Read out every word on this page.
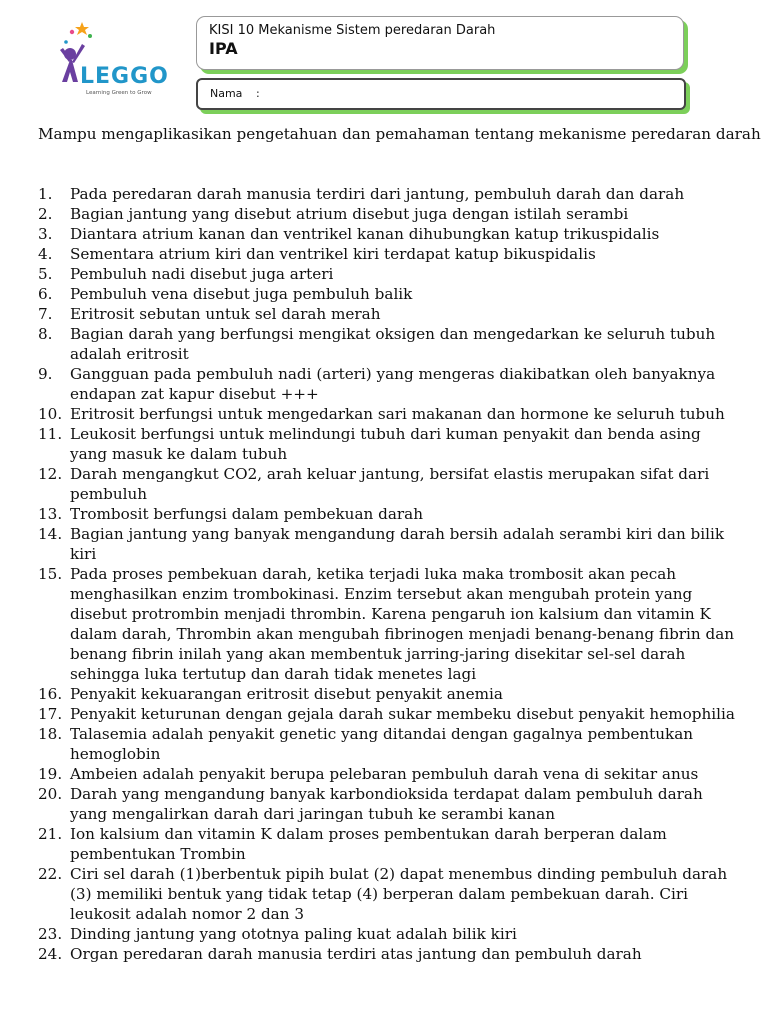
LEGGO
Learning Green to Grow
KISI 10 Mekanisme Sistem peredaran Darah
IPA
Nama :
Mampu mengaplikasikan pengetahuan dan pemahaman tentang mekanisme peredaran darah
1. Pada peredaran darah manusia terdiri dari jantung, pembuluh darah dan darah
2. Bagian jantung yang disebut atrium disebut juga dengan istilah serambi
3. Diantara atrium kanan dan ventrikel kanan dihubungkan katup trikuspidalis
4. Sementara atrium kiri dan ventrikel kiri terdapat katup bikuspidalis
5. Pembuluh nadi disebut juga arteri
6. Pembuluh vena disebut juga pembuluh balik
7. Eritrosit sebutan untuk sel darah merah
8. Bagian darah yang berfungsi mengikat oksigen dan mengedarkan ke seluruh tubuh adalah eritrosit
9. Gangguan pada pembuluh nadi (arteri) yang mengeras diakibatkan oleh banyaknya endapan zat kapur disebut +++
10. Eritrosit berfungsi untuk mengedarkan sari makanan dan hormone ke seluruh tubuh
11. Leukosit berfungsi untuk melindungi tubuh dari kuman penyakit dan benda asing yang masuk ke dalam tubuh
12. Darah mengangkut CO2, arah keluar jantung, bersifat elastis merupakan sifat dari pembuluh
13. Trombosit berfungsi dalam pembekuan darah
14. Bagian jantung yang banyak mengandung darah bersih adalah serambi kiri dan bilik kiri
15. Pada proses pembekuan darah, ketika terjadi luka maka trombosit akan pecah menghasilkan enzim trombokinasi. Enzim tersebut akan mengubah protein yang disebut protrombin menjadi thrombin. Karena pengaruh ion kalsium dan vitamin K dalam darah, Thrombin akan mengubah fibrinogen menjadi benang-benang fibrin dan benang fibrin inilah yang akan membentuk jarring-jaring disekitar sel-sel darah sehingga luka tertutup dan darah tidak menetes lagi
16. Penyakit kekuarangan eritrosit disebut penyakit anemia
17. Penyakit keturunan dengan gejala darah sukar membeku disebut penyakit hemophilia
18. Talasemia adalah penyakit genetic yang ditandai dengan gagalnya pembentukan hemoglobin
19. Ambeien adalah penyakit berupa pelebaran pembuluh darah vena di sekitar anus
20. Darah yang mengandung banyak karbondioksida terdapat dalam pembuluh darah yang mengalirkan darah dari jaringan tubuh ke serambi kanan
21. Ion kalsium dan vitamin K dalam proses pembentukan darah berperan dalam pembentukan Trombin
22. Ciri sel darah (1)berbentuk pipih bulat (2) dapat menembus dinding pembuluh darah (3) memiliki bentuk yang tidak tetap (4) berperan dalam pembekuan darah. Ciri leukosit adalah nomor 2 dan 3
23. Dinding jantung yang ototnya paling kuat adalah bilik kiri
24. Organ peredaran darah manusia terdiri atas jantung dan pembuluh darah
